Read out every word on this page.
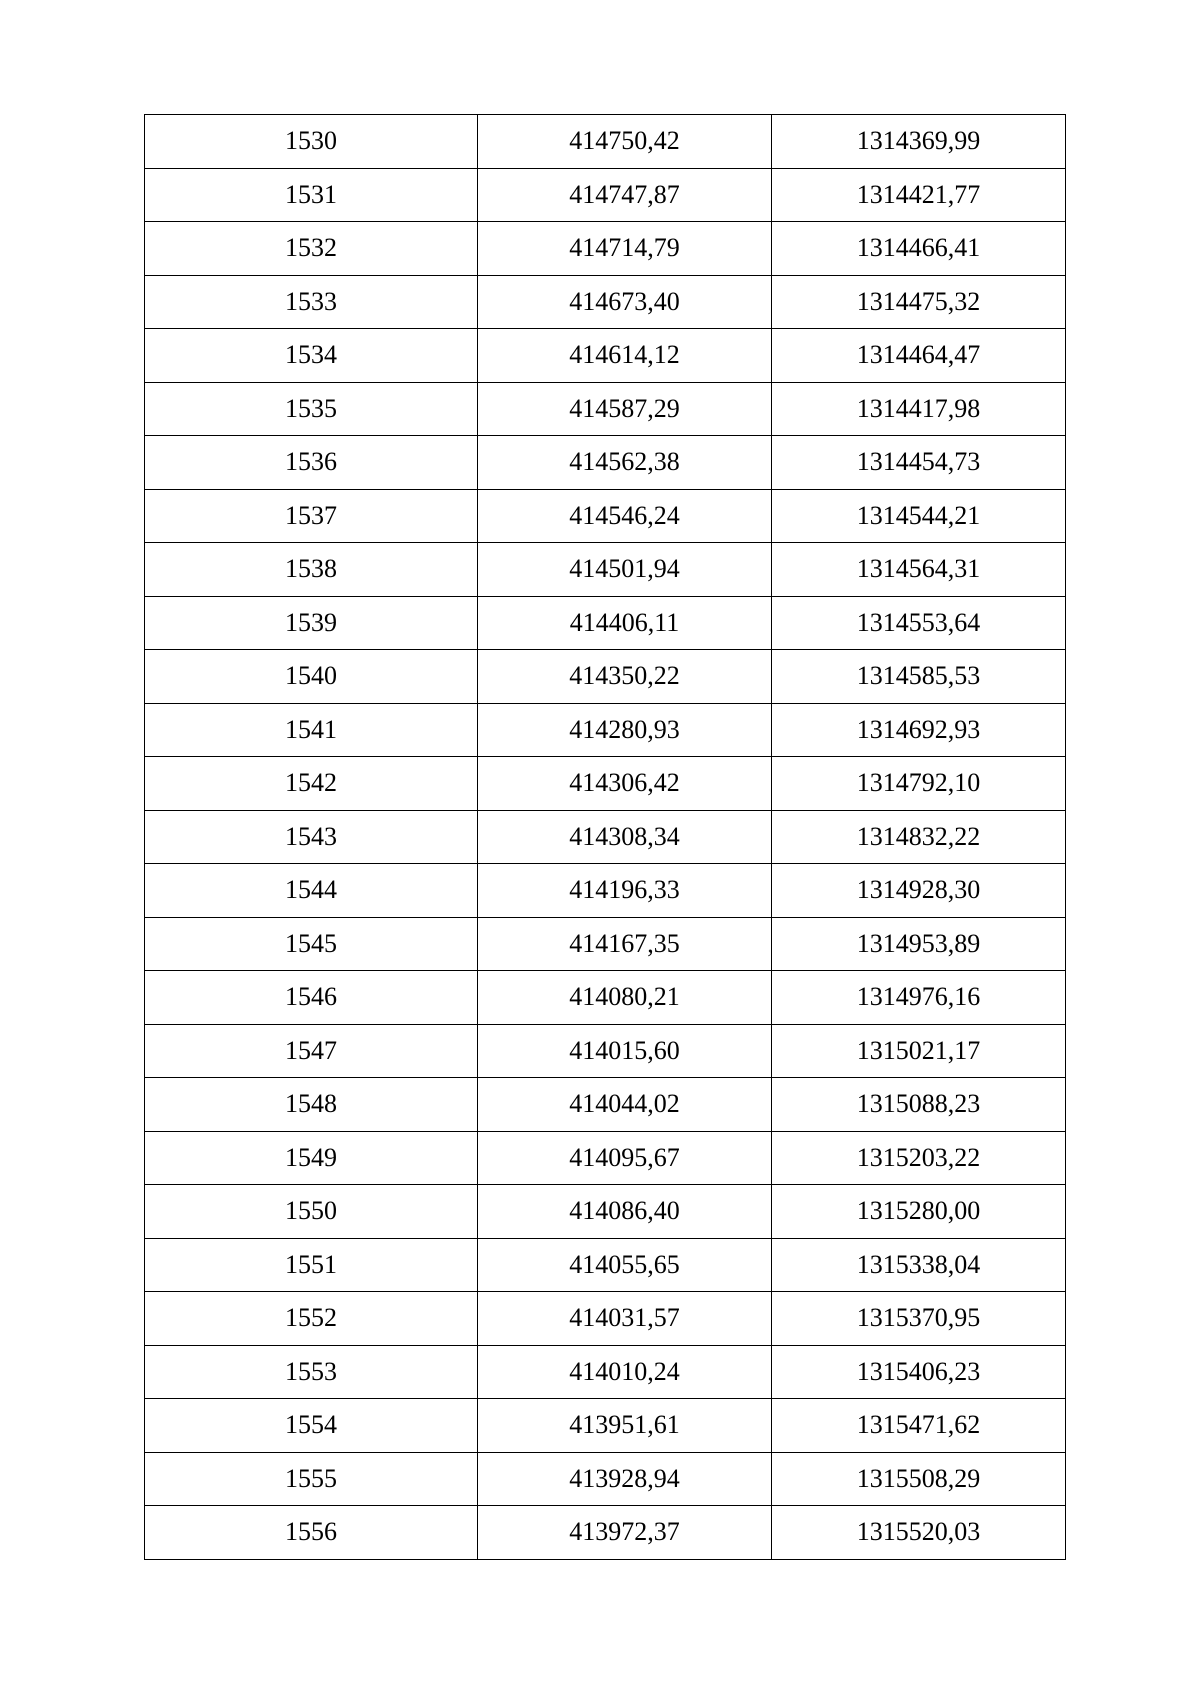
1530	414750,42	1314369,99
1531	414747,87	1314421,77
1532	414714,79	1314466,41
1533	414673,40	1314475,32
1534	414614,12	1314464,47
1535	414587,29	1314417,98
1536	414562,38	1314454,73
1537	414546,24	1314544,21
1538	414501,94	1314564,31
1539	414406,11	1314553,64
1540	414350,22	1314585,53
1541	414280,93	1314692,93
1542	414306,42	1314792,10
1543	414308,34	1314832,22
1544	414196,33	1314928,30
1545	414167,35	1314953,89
1546	414080,21	1314976,16
1547	414015,60	1315021,17
1548	414044,02	1315088,23
1549	414095,67	1315203,22
1550	414086,40	1315280,00
1551	414055,65	1315338,04
1552	414031,57	1315370,95
1553	414010,24	1315406,23
1554	413951,61	1315471,62
1555	413928,94	1315508,29
1556	413972,37	1315520,03
